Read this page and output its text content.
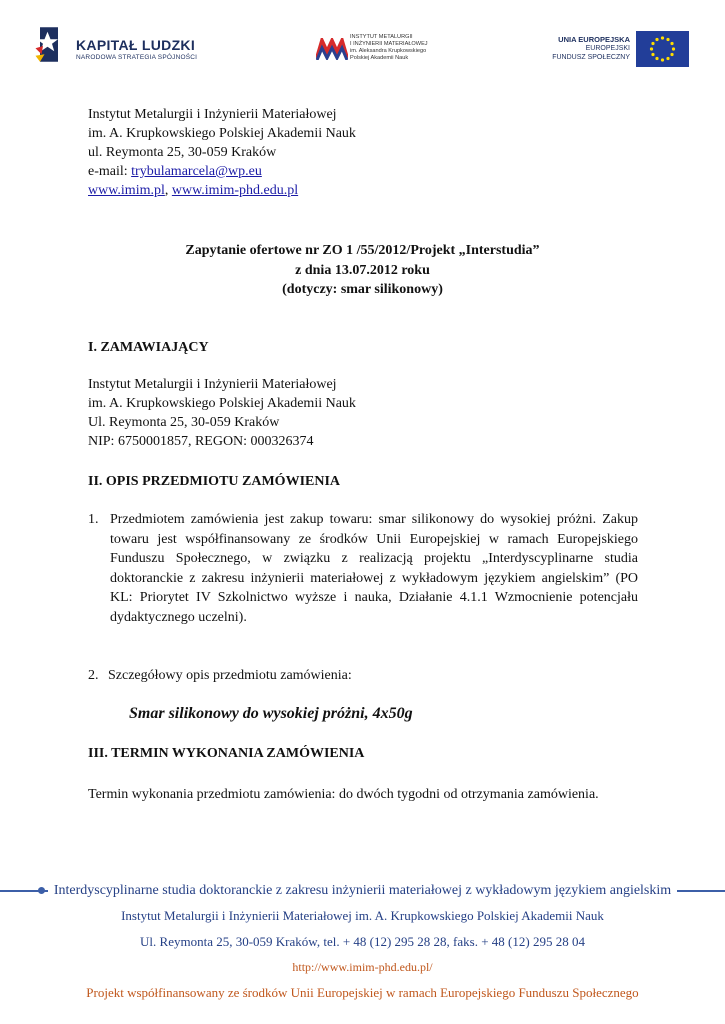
KAPITAŁ LUDZKI
NARODOWA STRATEGIA SPÓJNOŚCI
INSTYTUT METALURGII
I INŻYNIERII MATERIAŁOWEJ
im. Aleksandra Krupkowskiego
Polskiej Akademii Nauk
UNIA EUROPEJSKA
EUROPEJSKI
FUNDUSZ SPOŁECZNY
Instytut Metalurgii i Inżynierii Materiałowej
im. A. Krupkowskiego Polskiej Akademii Nauk
ul. Reymonta 25, 30-059 Kraków
e-mail: trybulamarcela@wp.eu
www.imim.pl, www.imim-phd.edu.pl
Zapytanie ofertowe nr ZO 1 /55/2012/Projekt „Interstudia”
z dnia 13.07.2012 roku
(dotyczy: smar silikonowy)
I. ZAMAWIAJĄCY
Instytut Metalurgii i Inżynierii Materiałowej
im. A. Krupkowskiego Polskiej Akademii Nauk
Ul. Reymonta 25, 30-059 Kraków
NIP: 6750001857, REGON: 000326374
II. OPIS PRZEDMIOTU ZAMÓWIENIA
1. Przedmiotem zamówienia jest zakup towaru: smar silikonowy do wysokiej próżni. Zakup towaru jest współfinansowany ze środków Unii Europejskiej w ramach Europejskiego Funduszu Społecznego, w związku z realizacją projektu „Interdyscyplinarne studia doktoranckie z zakresu inżynierii materiałowej z wykładowym językiem angielskim” (PO KL: Priorytet IV Szkolnictwo wyższe i nauka, Działanie 4.1.1 Wzmocnienie potencjału dydaktycznego uczelni).
2. Szczegółowy opis przedmiotu zamówienia:
Smar silikonowy do wysokiej próżni, 4x50g
III. TERMIN WYKONANIA ZAMÓWIENIA
Termin wykonania przedmiotu zamówienia: do dwóch tygodni od otrzymania zamówienia.
Interdyscyplinarne studia doktoranckie z zakresu inżynierii materiałowej z wykładowym językiem angielskim
Instytut Metalurgii i Inżynierii Materiałowej im. A. Krupkowskiego Polskiej Akademii Nauk
Ul. Reymonta 25, 30-059 Kraków, tel. + 48 (12) 295 28 28, faks. + 48 (12) 295 28 04
http://www.imim-phd.edu.pl/
Projekt współfinansowany ze środków Unii Europejskiej w ramach Europejskiego Funduszu Społecznego
